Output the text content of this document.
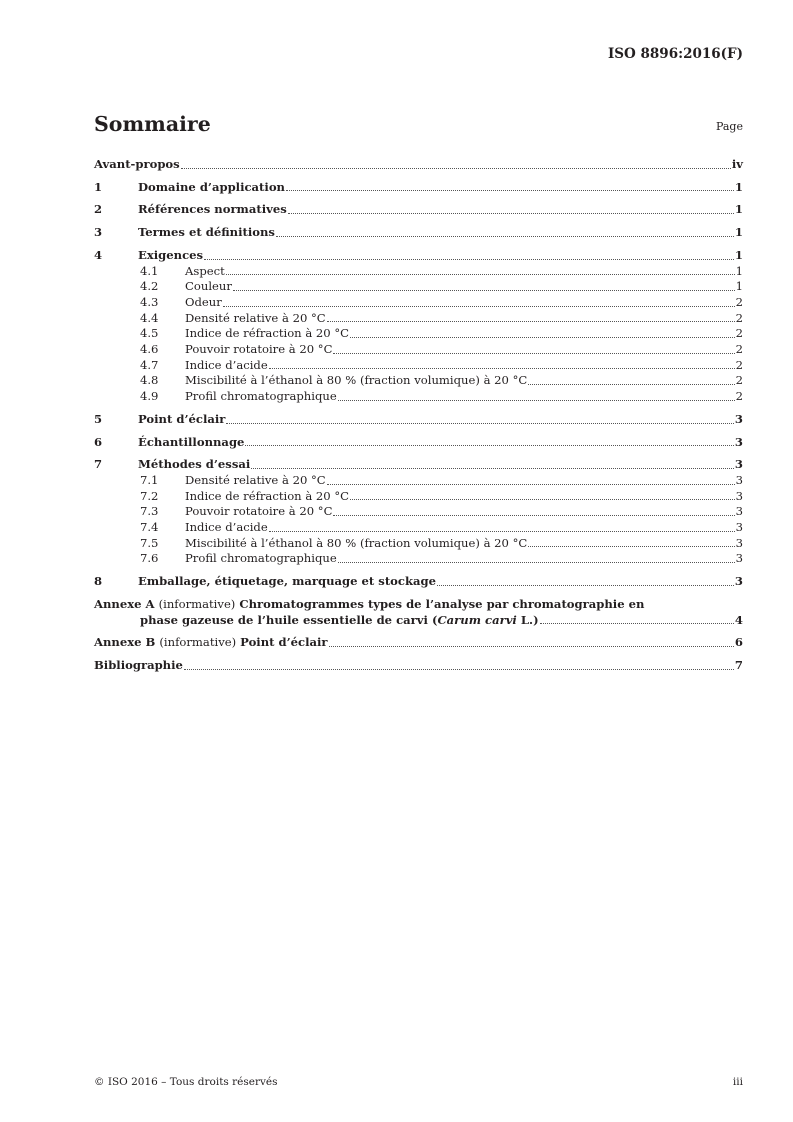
ISO 8896:2016(F)
Sommaire	Page
Avant-propos	iv
1	Domaine d’application	1
2	Références normatives	1
3	Termes et définitions	1
4	Exigences	1
4.1	Aspect	1
4.2	Couleur	1
4.3	Odeur	2
4.4	Densité relative à 20 °C	2
4.5	Indice de réfraction à 20 °C	2
4.6	Pouvoir rotatoire à 20 °C	2
4.7	Indice d’acide	2
4.8	Miscibilité à l’éthanol à 80 % (fraction volumique) à 20 °C	2
4.9	Profil chromatographique	2
5	Point d’éclair	3
6	Échantillonnage	3
7	Méthodes d’essai	3
7.1	Densité relative à 20 °C	3
7.2	Indice de réfraction à 20 °C	3
7.3	Pouvoir rotatoire à 20 °C	3
7.4	Indice d’acide	3
7.5	Miscibilité à l’éthanol à 80 % (fraction volumique) à 20 °C	3
7.6	Profil chromatographique	3
8	Emballage, étiquetage, marquage et stockage	3
Annexe A (informative) Chromatogrammes types de l’analyse par chromatographie en
phase gazeuse de l’huile essentielle de carvi (Carum carvi L.)	4
Annexe B (informative) Point d’éclair	6
Bibliographie	7
© ISO 2016 – Tous droits réservés	iii
